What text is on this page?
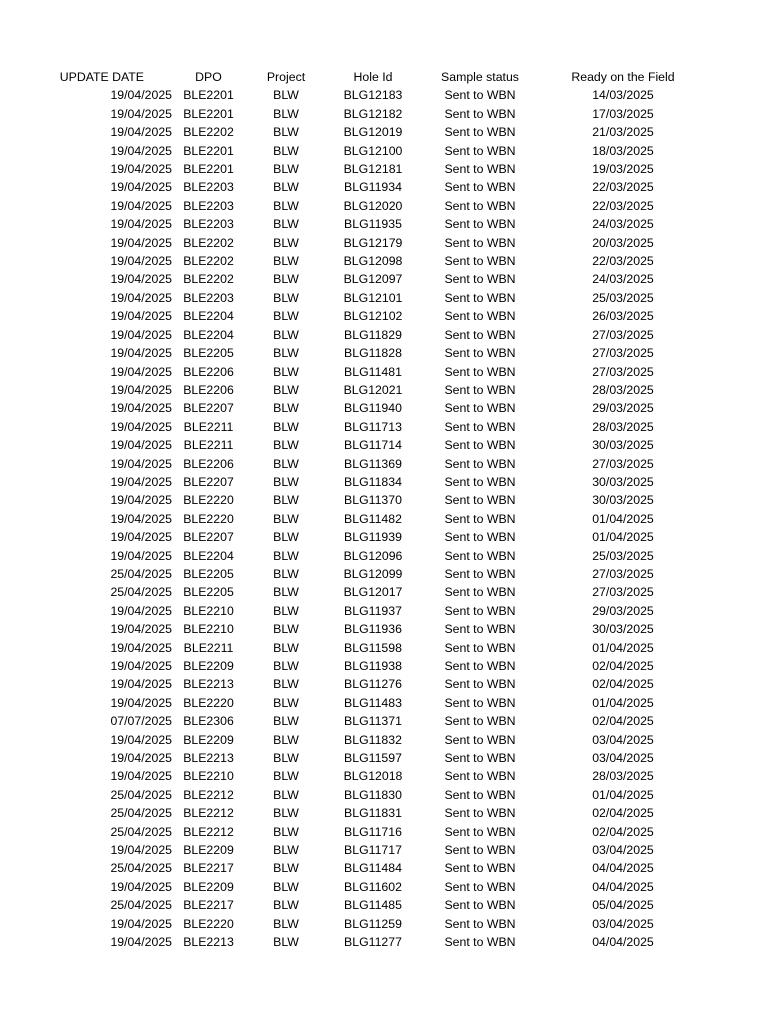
UPDATE DATE	DPO	Project	Hole Id	Sample status	Ready on the Field
19/04/2025	BLE2201	BLW	BLG12183	Sent to WBN	14/03/2025
19/04/2025	BLE2201	BLW	BLG12182	Sent to WBN	17/03/2025
19/04/2025	BLE2202	BLW	BLG12019	Sent to WBN	21/03/2025
19/04/2025	BLE2201	BLW	BLG12100	Sent to WBN	18/03/2025
19/04/2025	BLE2201	BLW	BLG12181	Sent to WBN	19/03/2025
19/04/2025	BLE2203	BLW	BLG11934	Sent to WBN	22/03/2025
19/04/2025	BLE2203	BLW	BLG12020	Sent to WBN	22/03/2025
19/04/2025	BLE2203	BLW	BLG11935	Sent to WBN	24/03/2025
19/04/2025	BLE2202	BLW	BLG12179	Sent to WBN	20/03/2025
19/04/2025	BLE2202	BLW	BLG12098	Sent to WBN	22/03/2025
19/04/2025	BLE2202	BLW	BLG12097	Sent to WBN	24/03/2025
19/04/2025	BLE2203	BLW	BLG12101	Sent to WBN	25/03/2025
19/04/2025	BLE2204	BLW	BLG12102	Sent to WBN	26/03/2025
19/04/2025	BLE2204	BLW	BLG11829	Sent to WBN	27/03/2025
19/04/2025	BLE2205	BLW	BLG11828	Sent to WBN	27/03/2025
19/04/2025	BLE2206	BLW	BLG11481	Sent to WBN	27/03/2025
19/04/2025	BLE2206	BLW	BLG12021	Sent to WBN	28/03/2025
19/04/2025	BLE2207	BLW	BLG11940	Sent to WBN	29/03/2025
19/04/2025	BLE2211	BLW	BLG11713	Sent to WBN	28/03/2025
19/04/2025	BLE2211	BLW	BLG11714	Sent to WBN	30/03/2025
19/04/2025	BLE2206	BLW	BLG11369	Sent to WBN	27/03/2025
19/04/2025	BLE2207	BLW	BLG11834	Sent to WBN	30/03/2025
19/04/2025	BLE2220	BLW	BLG11370	Sent to WBN	30/03/2025
19/04/2025	BLE2220	BLW	BLG11482	Sent to WBN	01/04/2025
19/04/2025	BLE2207	BLW	BLG11939	Sent to WBN	01/04/2025
19/04/2025	BLE2204	BLW	BLG12096	Sent to WBN	25/03/2025
25/04/2025	BLE2205	BLW	BLG12099	Sent to WBN	27/03/2025
25/04/2025	BLE2205	BLW	BLG12017	Sent to WBN	27/03/2025
19/04/2025	BLE2210	BLW	BLG11937	Sent to WBN	29/03/2025
19/04/2025	BLE2210	BLW	BLG11936	Sent to WBN	30/03/2025
19/04/2025	BLE2211	BLW	BLG11598	Sent to WBN	01/04/2025
19/04/2025	BLE2209	BLW	BLG11938	Sent to WBN	02/04/2025
19/04/2025	BLE2213	BLW	BLG11276	Sent to WBN	02/04/2025
19/04/2025	BLE2220	BLW	BLG11483	Sent to WBN	01/04/2025
07/07/2025	BLE2306	BLW	BLG11371	Sent to WBN	02/04/2025
19/04/2025	BLE2209	BLW	BLG11832	Sent to WBN	03/04/2025
19/04/2025	BLE2213	BLW	BLG11597	Sent to WBN	03/04/2025
19/04/2025	BLE2210	BLW	BLG12018	Sent to WBN	28/03/2025
25/04/2025	BLE2212	BLW	BLG11830	Sent to WBN	01/04/2025
25/04/2025	BLE2212	BLW	BLG11831	Sent to WBN	02/04/2025
25/04/2025	BLE2212	BLW	BLG11716	Sent to WBN	02/04/2025
19/04/2025	BLE2209	BLW	BLG11717	Sent to WBN	03/04/2025
25/04/2025	BLE2217	BLW	BLG11484	Sent to WBN	04/04/2025
19/04/2025	BLE2209	BLW	BLG11602	Sent to WBN	04/04/2025
25/04/2025	BLE2217	BLW	BLG11485	Sent to WBN	05/04/2025
19/04/2025	BLE2220	BLW	BLG11259	Sent to WBN	03/04/2025
19/04/2025	BLE2213	BLW	BLG11277	Sent to WBN	04/04/2025
